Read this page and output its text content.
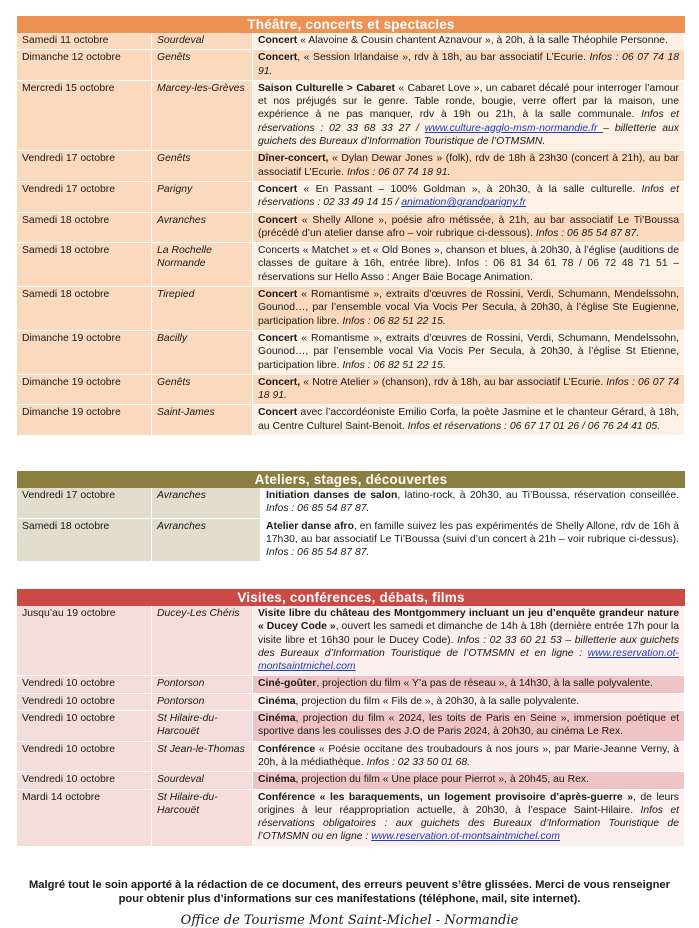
Théâtre, concerts et spectacles
Samedi 11 octobre	Sourdeval	Concert « Alavoine & Cousin chantent Aznavour », à 20h, à la salle Théophile Personne.
Dimanche 12 octobre	Genêts	Concert, « Session Irlandaise », rdv à 18h, au bar associatif L’Ecurie. Infos : 06 07 74 18 91.
Mercredi 15 octobre	Marcey-les-Grèves	Saison Culturelle > Cabaret « Cabaret Love », un cabaret décalé pour interroger l’amour et nos préjugés sur le genre. Table ronde, bougie, verre offert par la maison, une expérience à ne pas manquer, rdv à 19h ou 21h, à la salle communale. Infos et réservations : 02 33 68 33 27 / www.culture-agglo-msm-normandie.fr – billetterie aux guichets des Bureaux d’Information Touristique de l’OTMSMN.
Vendredi 17 octobre	Genêts	Dîner-concert, « Dylan Dewar Jones » (folk), rdv de 18h à 23h30 (concert à 21h), au bar associatif L’Ecurie. Infos : 06 07 74 18 91.
Vendredi 17 octobre	Parigny	Concert « En Passant – 100% Goldman », à 20h30, à la salle culturelle. Infos et réservations : 02 33 49 14 15 / animation@grandparigny.fr
Samedi 18 octobre	Avranches	Concert « Shelly Allone », poésie afro métissée, à 21h, au bar associatif Le Ti’Boussa (précédé d’un atelier danse afro – voir rubrique ci-dessous). Infos : 06 85 54 87 87.
Samedi 18 octobre	La Rochelle Normande	Concerts « Matchet » et « Old Bones », chanson et blues, à 20h30, à l’église (auditions de classes de guitare à 16h, entrée libre). Infos : 06 81 34 61 78 / 06 72 48 71 51 – réservations sur Hello Asso : Anger Baie Bocage Animation.
Samedi 18 octobre	Tirepied	Concert « Romantisme », extraits d’œuvres de Rossini, Verdi, Schumann, Mendelssohn, Gounod…, par l’ensemble vocal Via Vocis Per Secula, à 20h30, à l’église Ste Eugienne, participation libre. Infos : 06 82 51 22 15.
Dimanche 19 octobre	Bacilly	Concert « Romantisme », extraits d’œuvres de Rossini, Verdi, Schumann, Mendelssohn, Gounod…, par l’ensemble vocal Via Vocis Per Secula, à 20h30, à l’église St Etienne, participation libre. Infos : 06 82 51 22 15.
Dimanche 19 octobre	Genêts	Concert, « Notre Atelier » (chanson), rdv à 18h, au bar associatif L’Ecurie. Infos : 06 07 74 18 91.
Dimanche 19 octobre	Saint-James	Concert avec l’accordéoniste Emilio Corfa, la poète Jasmine et le chanteur Gérard, à 18h, au Centre Culturel Saint-Benoit. Infos et réservations : 06 67 17 01 26 / 06 76 24 41 05.
Ateliers, stages, découvertes
Vendredi 17 octobre	Avranches	Initiation danses de salon, latino-rock, à 20h30, au Ti’Boussa, réservation conseillée. Infos : 06 85 54 87 87.
Samedi 18 octobre	Avranches	Atelier danse afro, en famille suivez les pas expérimentés de Shelly Allone, rdv de 16h à 17h30, au bar associatif Le Ti’Boussa (suivi d’un concert à 21h – voir rubrique ci-dessus). Infos : 06 85 54 87 87.
Visites, conférences, débats, films
Jusqu’au 19 octobre	Ducey-Les Chéris	Visite libre du château des Montgommery incluant un jeu d’enquête grandeur nature « Ducey Code », ouvert les samedi et dimanche de 14h à 18h (dernière entrée 17h pour la visite libre et 16h30 pour le Ducey Code). Infos : 02 33 60 21 53 – billetterie aux guichets des Bureaux d’Information Touristique de l’OTMSMN et en ligne : www.reservation.ot-montsaintmichel.com
Vendredi 10 octobre	Pontorson	Ciné-goûter, projection du film « Y’a pas de réseau », à 14h30, à la salle polyvalente.
Vendredi 10 octobre	Pontorson	Cinéma, projection du film « Fils de », à 20h30, à la salle polyvalente.
Vendredi 10 octobre	St Hilaire-du-Harcouët	Cinéma, projection du film « 2024, les toits de Paris en Seine », immersion poétique et sportive dans les coulisses des J.O de Paris 2024, à 20h30, au cinéma Le Rex.
Vendredi 10 octobre	St Jean-le-Thomas	Conférence « Poésie occitane des troubadours à nos jours », par Marie-Jeanne Verny, à 20h, à la médiathèque. Infos : 02 33 50 01 68.
Vendredi 10 octobre	Sourdeval	Cinéma, projection du film « Une place pour Pierrot », à 20h45, au Rex.
Mardi 14 octobre	St Hilaire-du-Harcouët	Conférence « les baraquements, un logement provisoire d’après-guerre », de leurs origines à leur réappropriation actuelle, à 20h30, à l’espace Saint-Hilaire. Infos et réservations obligatoires : aux guichets des Bureaux d’Information Touristique de l’OTMSMN ou en ligne : www.reservation.ot-montsaintmichel.com
Malgré tout le soin apporté à la rédaction de ce document, des erreurs peuvent s’être glissées. Merci de vous renseigner pour obtenir plus d’informations sur ces manifestations (téléphone, mail, site internet).
Office de Tourisme Mont Saint-Michel - Normandie
